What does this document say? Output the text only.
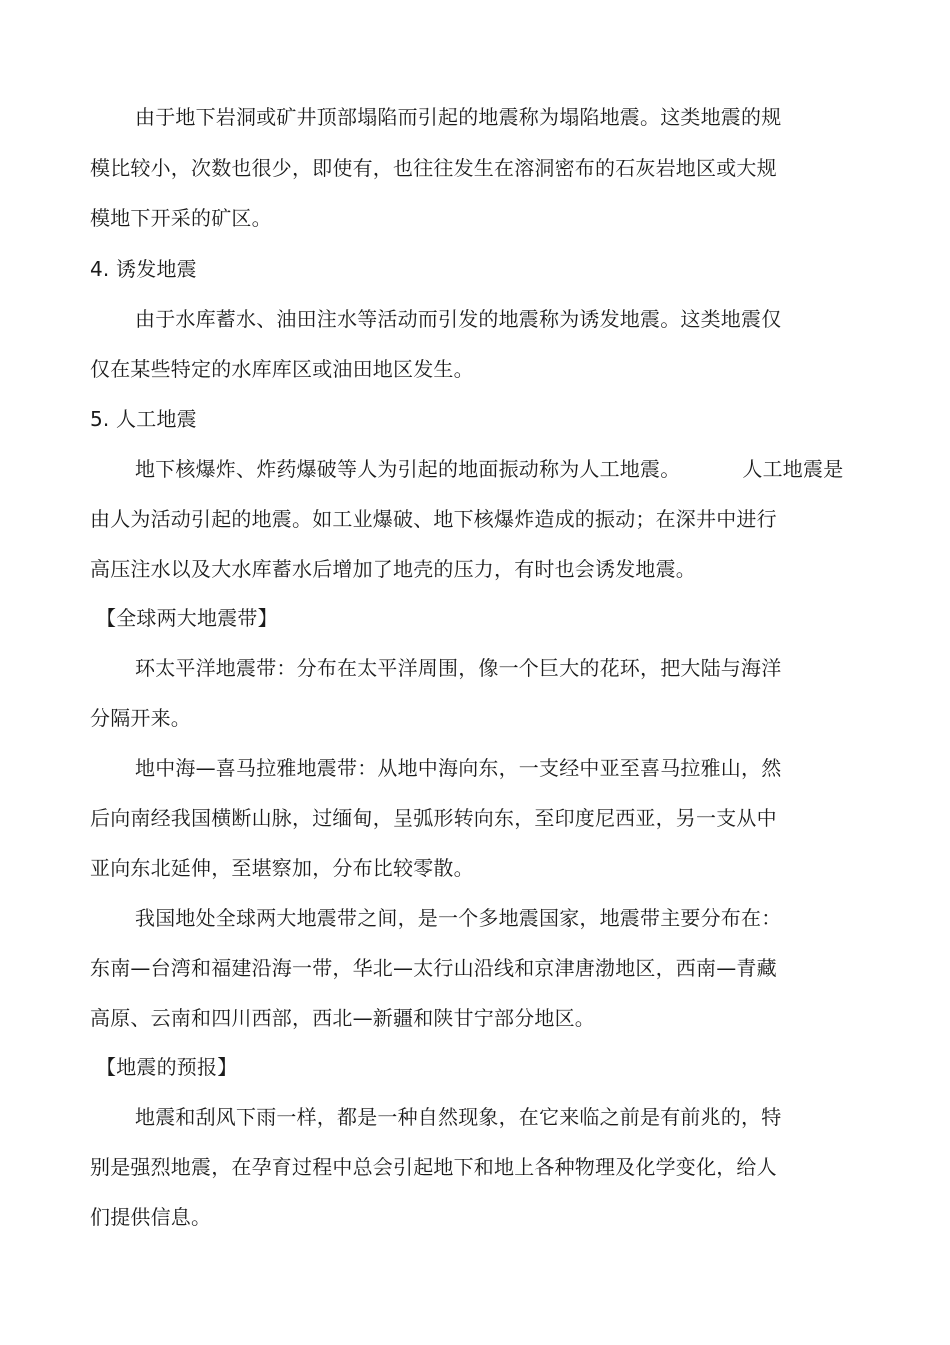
由于地下岩洞或矿井顶部塌陷而引起的地震称为塌陷地震。这类地震的规
模比较小，次数也很少，即使有，也往往发生在溶洞密布的石灰岩地区或大规
模地下开采的矿区。
4. 诱发地震
由于水库蓄水、油田注水等活动而引发的地震称为诱发地震。这类地震仅
仅在某些特定的水库库区或油田地区发生。
5. 人工地震
地下核爆炸、炸药爆破等人为引起的地面振动称为人工地震。	人工地震是
由人为活动引起的地震。如工业爆破、地下核爆炸造成的振动；在深井中进行
高压注水以及大水库蓄水后增加了地壳的压力，有时也会诱发地震。
【全球两大地震带】
环太平洋地震带：分布在太平洋周围，像一个巨大的花环，把大陆与海洋
分隔开来。
地中海—喜马拉雅地震带：从地中海向东，一支经中亚至喜马拉雅山，然
后向南经我国横断山脉，过缅甸，呈弧形转向东，至印度尼西亚，另一支从中
亚向东北延伸，至堪察加，分布比较零散。
我国地处全球两大地震带之间，是一个多地震国家，地震带主要分布在：
东南—台湾和福建沿海一带，华北—太行山沿线和京津唐渤地区，西南—青藏
高原、云南和四川西部，西北—新疆和陕甘宁部分地区。
【地震的预报】
地震和刮风下雨一样，都是一种自然现象，在它来临之前是有前兆的，特
别是强烈地震，在孕育过程中总会引起地下和地上各种物理及化学变化，给人
们提供信息。
